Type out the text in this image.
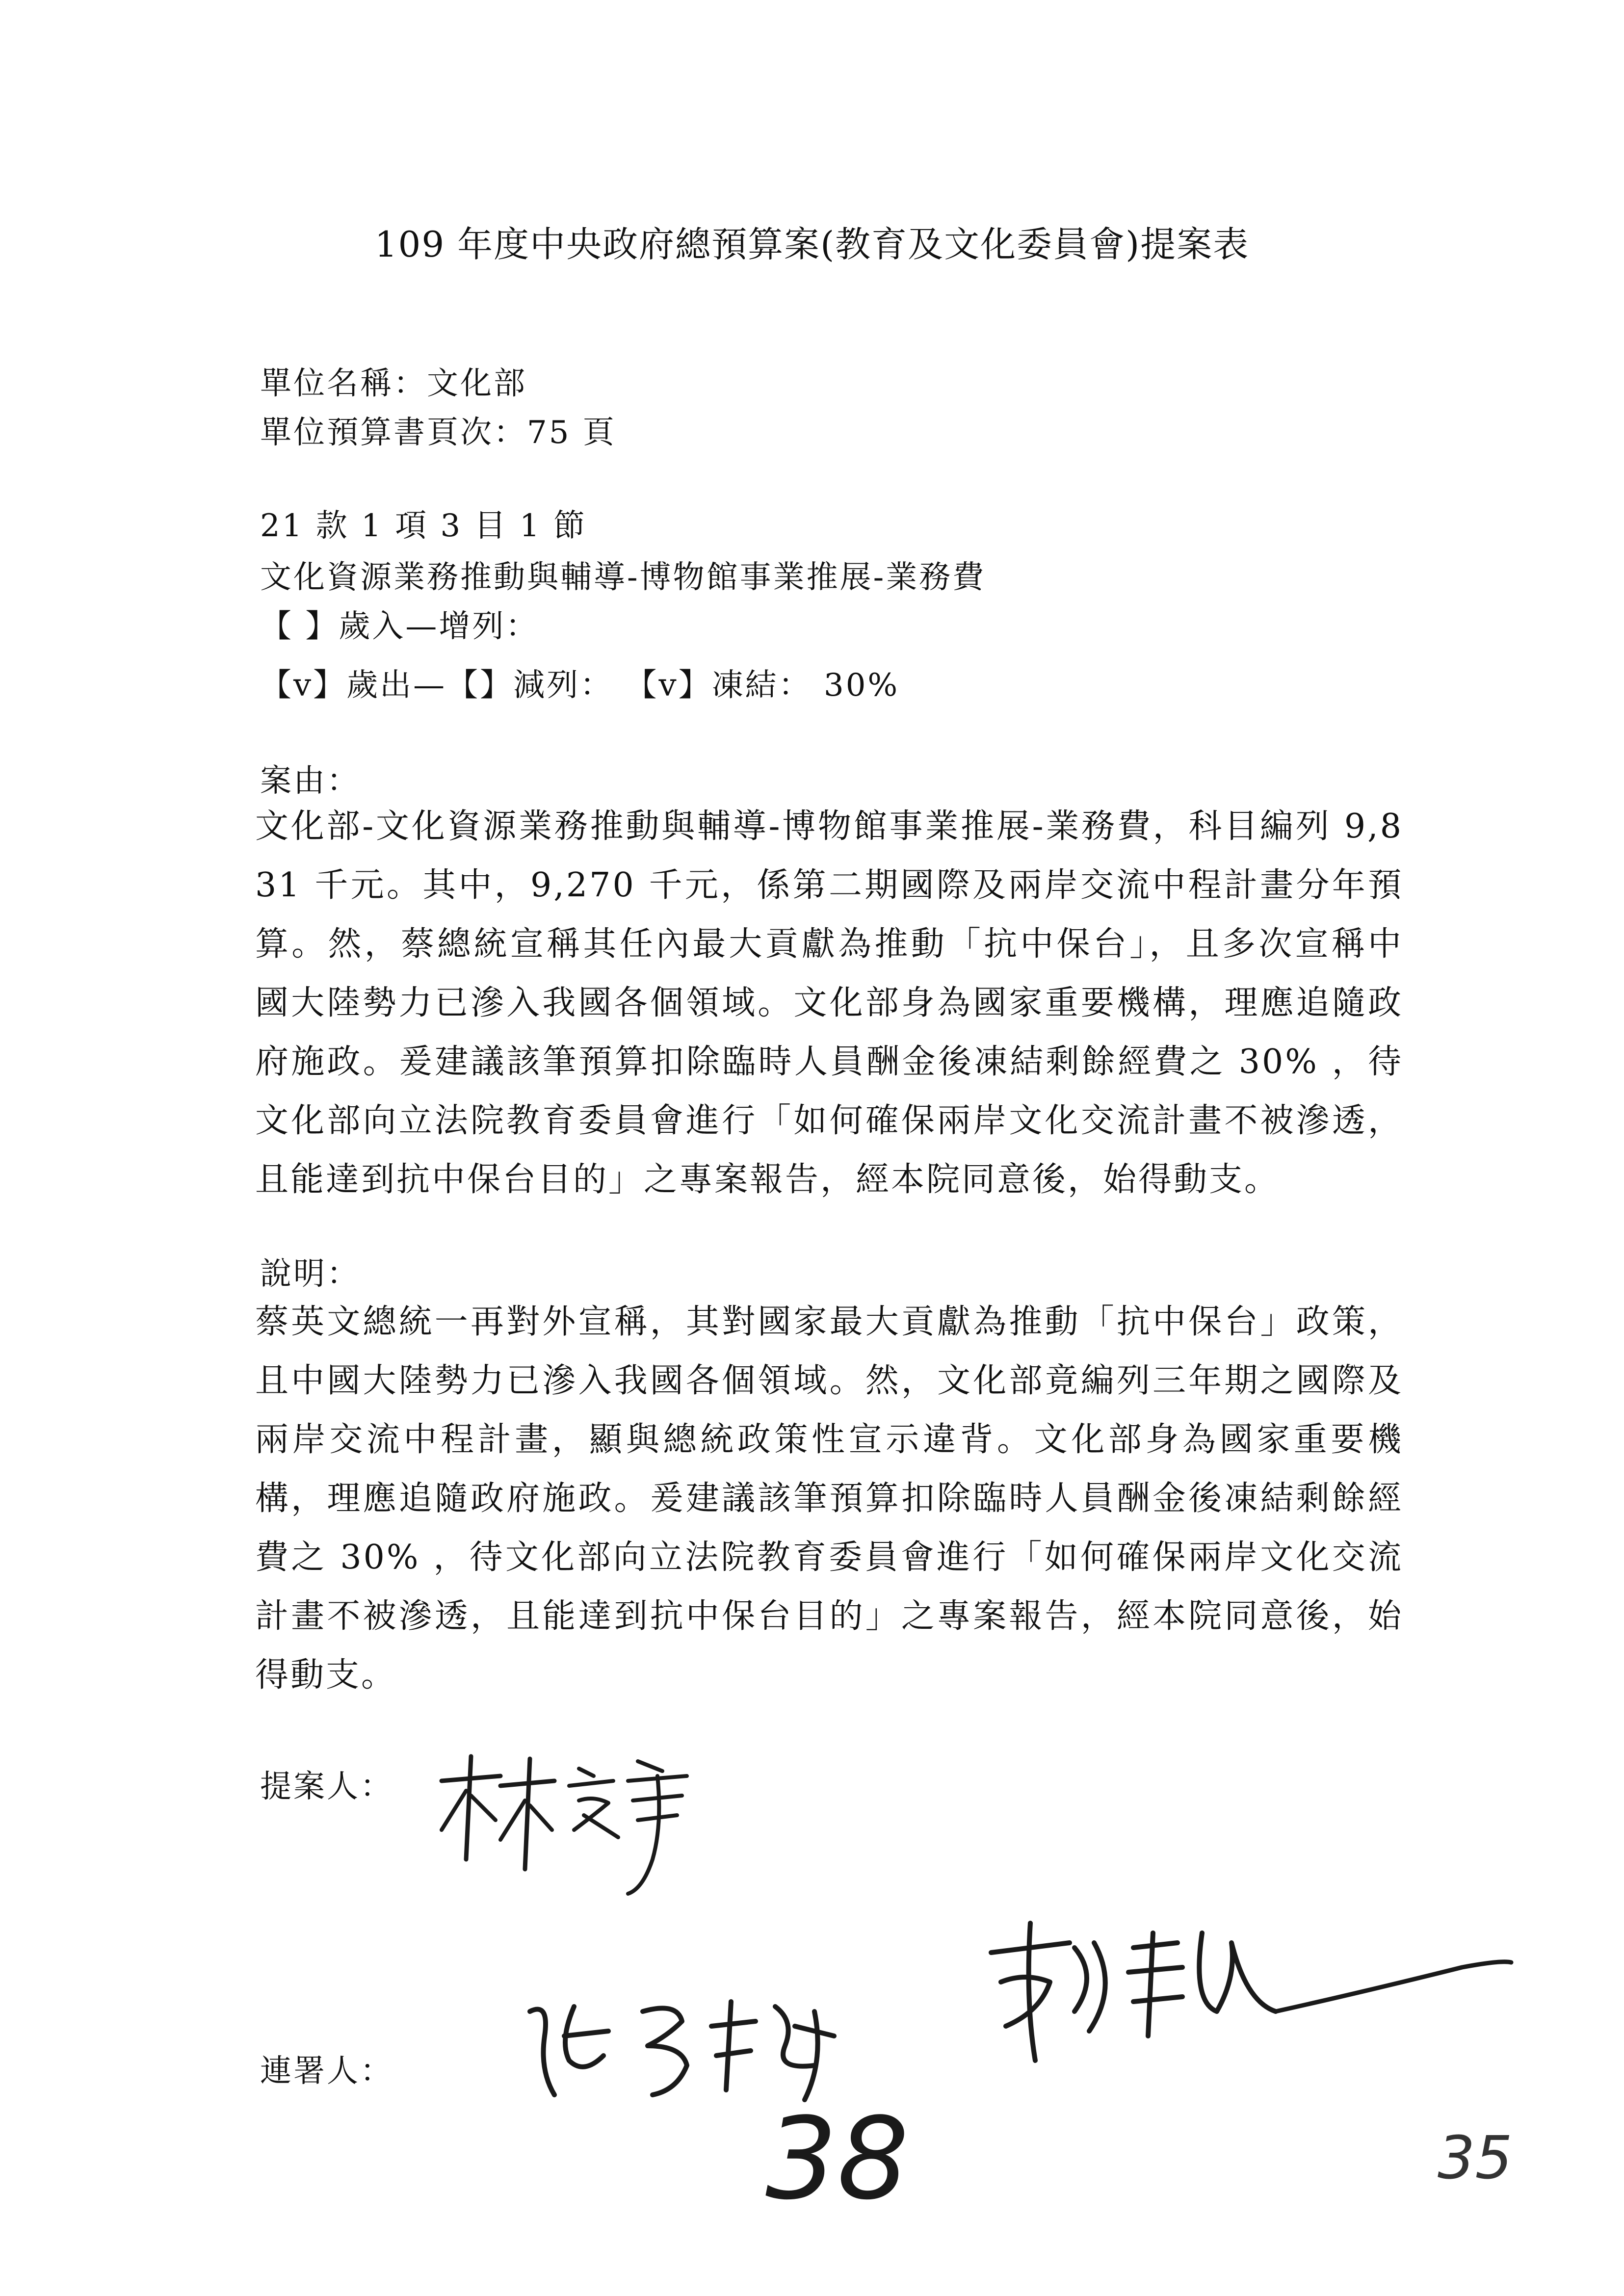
109 年度中央政府總預算案(教育及文化委員會)提案表
單位名稱：文化部
單位預算書頁次：75 頁
21 款 1 項 3 目 1 節
文化資源業務推動與輔導-博物館事業推展-業務費
【 】歲入—增列：
【v】歲出—【】減列： 【v】凍結： 30%
案由：
文化部-文化資源業務推動與輔導-博物館事業推展-業務費，科目編列 9,831 千元。其中，9,270 千元，係第二期國際及兩岸交流中程計畫分年預算。然，蔡總統宣稱其任內最大貢獻為推動「抗中保台」，且多次宣稱中國大陸勢力已滲入我國各個領域。文化部身為國家重要機構，理應追隨政府施政。爰建議該筆預算扣除臨時人員酬金後凍結剩餘經費之 30% ，待文化部向立法院教育委員會進行「如何確保兩岸文化交流計畫不被滲透，且能達到抗中保台目的」之專案報告，經本院同意後，始得動支。
說明：
蔡英文總統一再對外宣稱，其對國家最大貢獻為推動「抗中保台」政策，且中國大陸勢力已滲入我國各個領域。然，文化部竟編列三年期之國際及兩岸交流中程計畫，顯與總統政策性宣示違背。文化部身為國家重要機構，理應追隨政府施政。爰建議該筆預算扣除臨時人員酬金後凍結剩餘經費之 30% ，待文化部向立法院教育委員會進行「如何確保兩岸文化交流計畫不被滲透，且能達到抗中保台目的」之專案報告，經本院同意後，始得動支。
提案人：
連署人：
38	35
